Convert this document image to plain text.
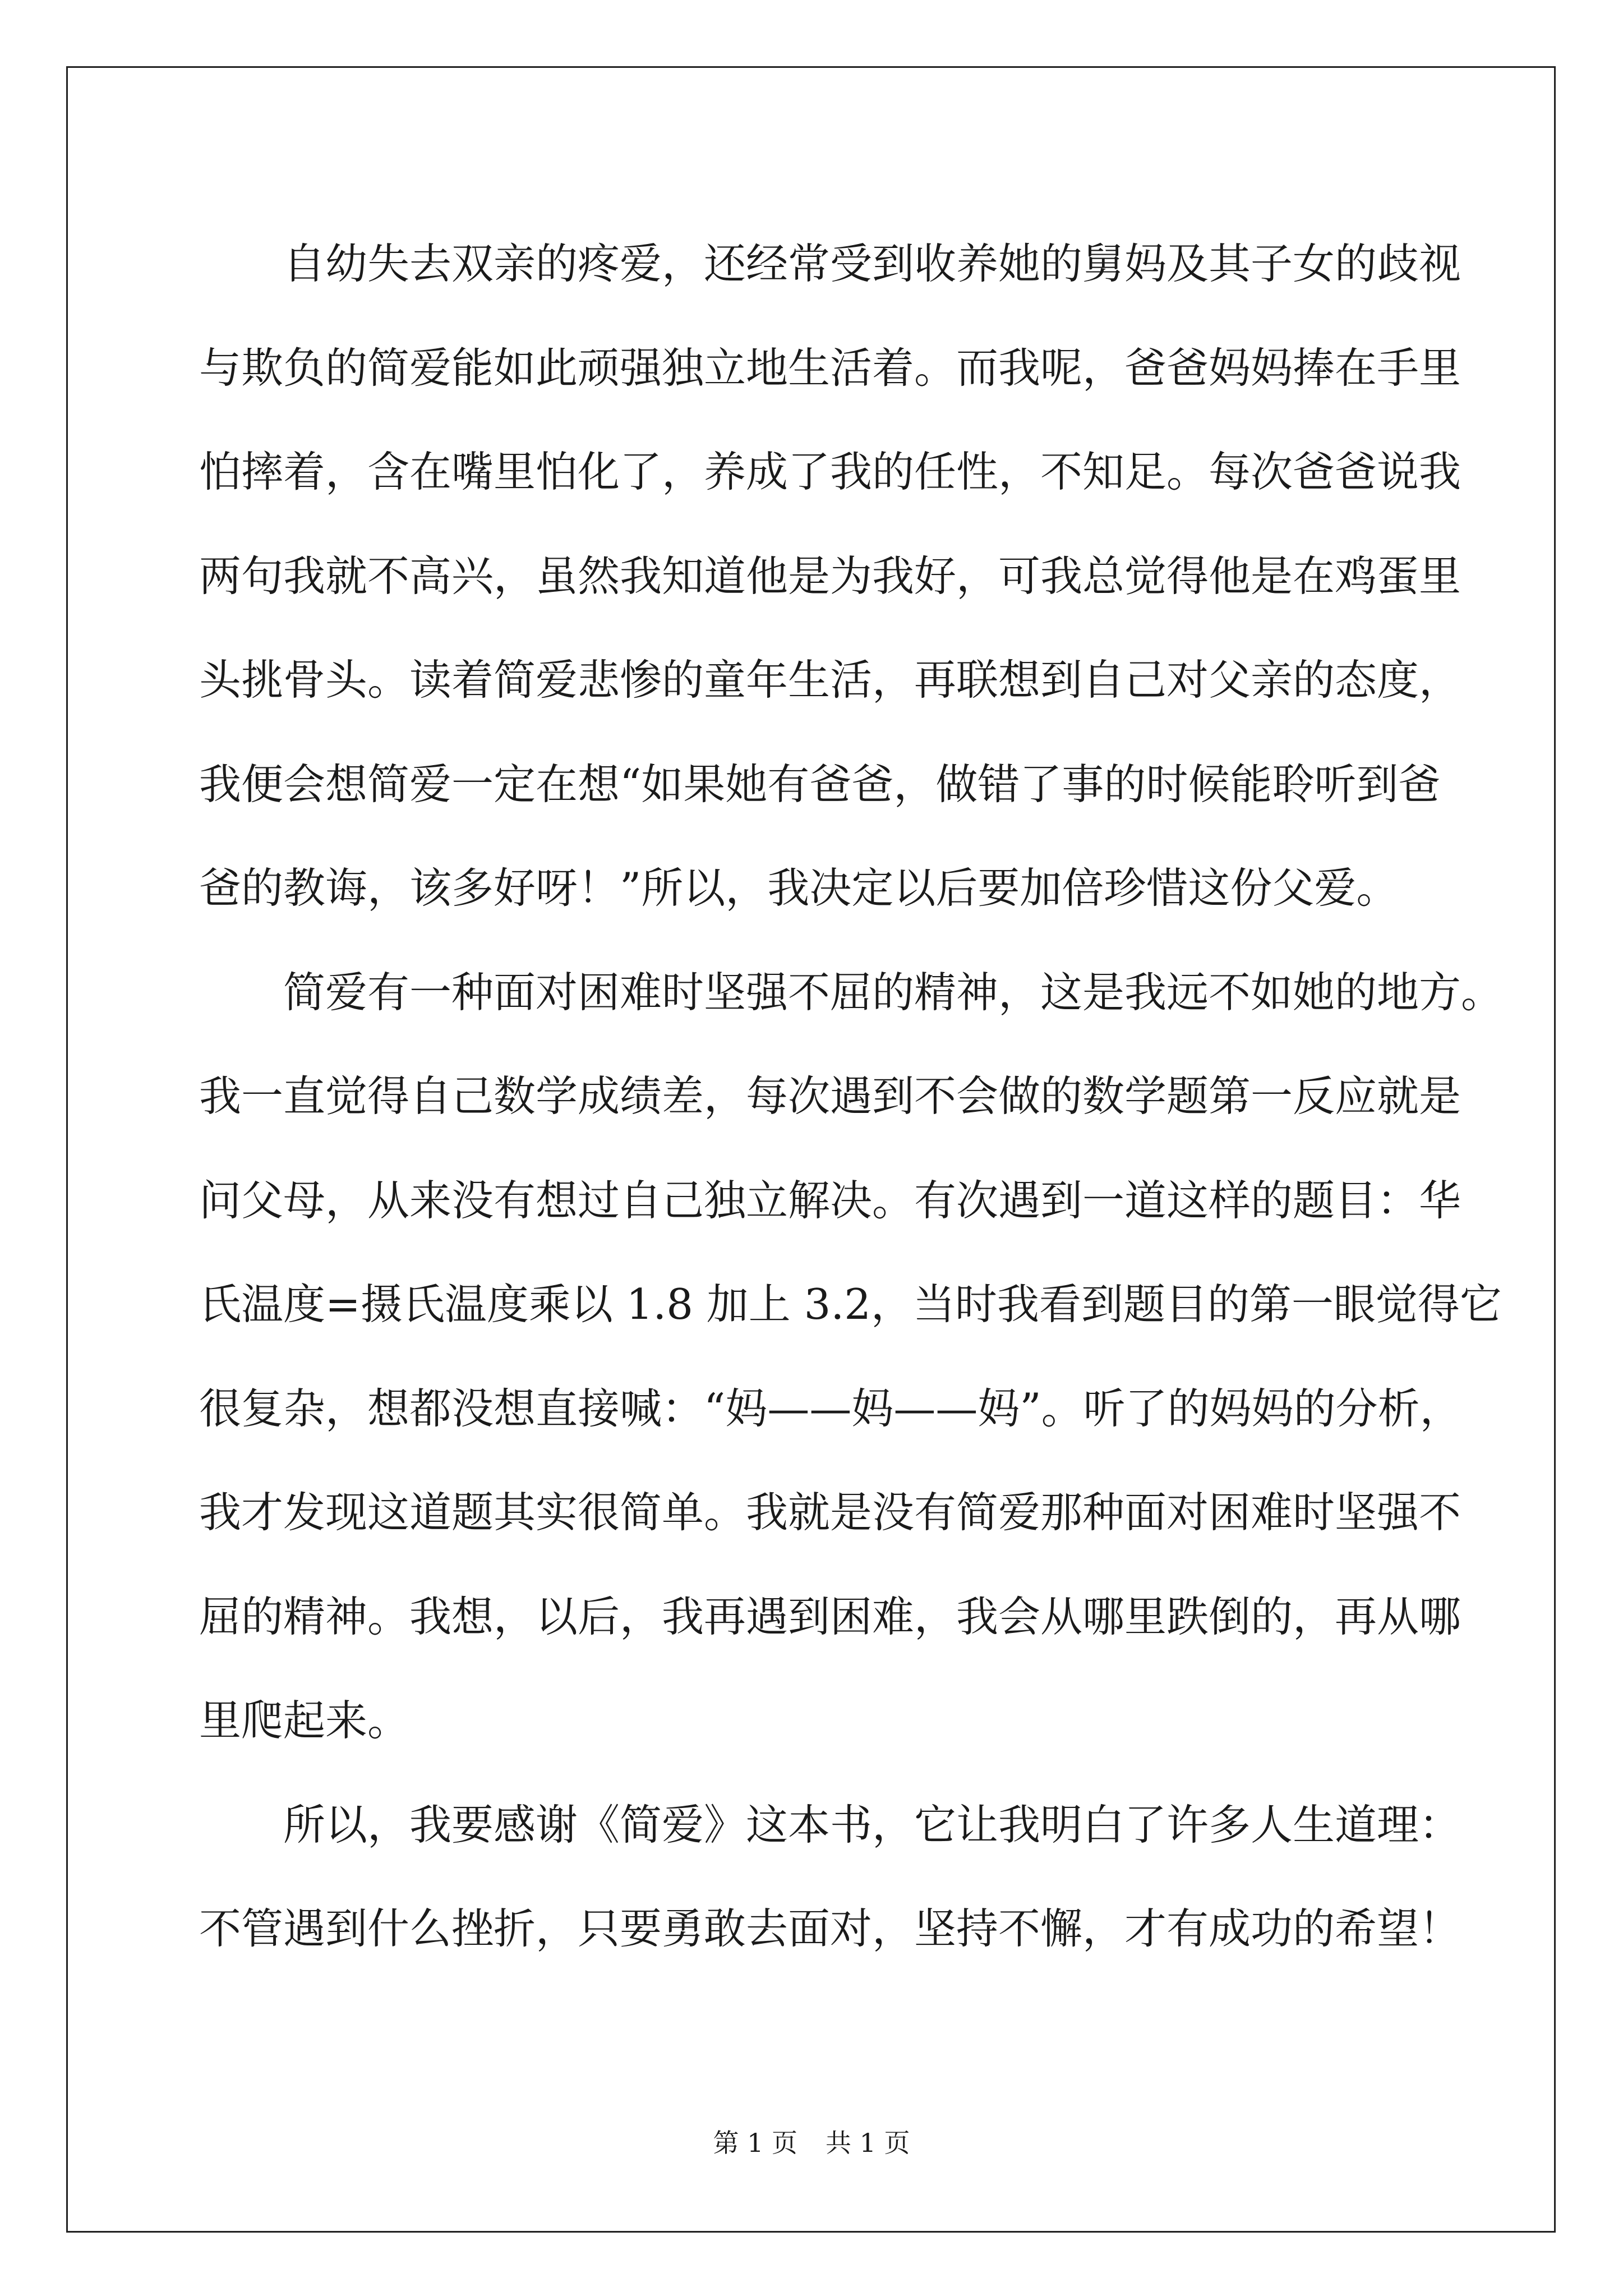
自幼失去双亲的疼爱，还经常受到收养她的舅妈及其子女的歧视
与欺负的简爱能如此顽强独立地生活着。而我呢，爸爸妈妈捧在手里
怕摔着，含在嘴里怕化了，养成了我的任性，不知足。每次爸爸说我
两句我就不高兴，虽然我知道他是为我好，可我总觉得他是在鸡蛋里
头挑骨头。读着简爱悲惨的童年生活，再联想到自己对父亲的态度，
我便会想简爱一定在想“如果她有爸爸，做错了事的时候能聆听到爸
爸的教诲，该多好呀！”所以，我决定以后要加倍珍惜这份父爱。

简爱有一种面对困难时坚强不屈的精神，这是我远不如她的地方。
我一直觉得自己数学成绩差，每次遇到不会做的数学题第一反应就是
问父母，从来没有想过自己独立解决。有次遇到一道这样的题目：华
氏温度=摄氏温度乘以 1.8 加上 3.2，当时我看到题目的第一眼觉得它
很复杂，想都没想直接喊：“妈——妈——妈”。听了的妈妈的分析，
我才发现这道题其实很简单。我就是没有简爱那种面对困难时坚强不
屈的精神。我想，以后，我再遇到困难，我会从哪里跌倒的，再从哪
里爬起来。

所以，我要感谢《简爱》这本书，它让我明白了许多人生道理：
不管遇到什么挫折，只要勇敢去面对，坚持不懈，才有成功的希望！

第 1 页 共 1 页
